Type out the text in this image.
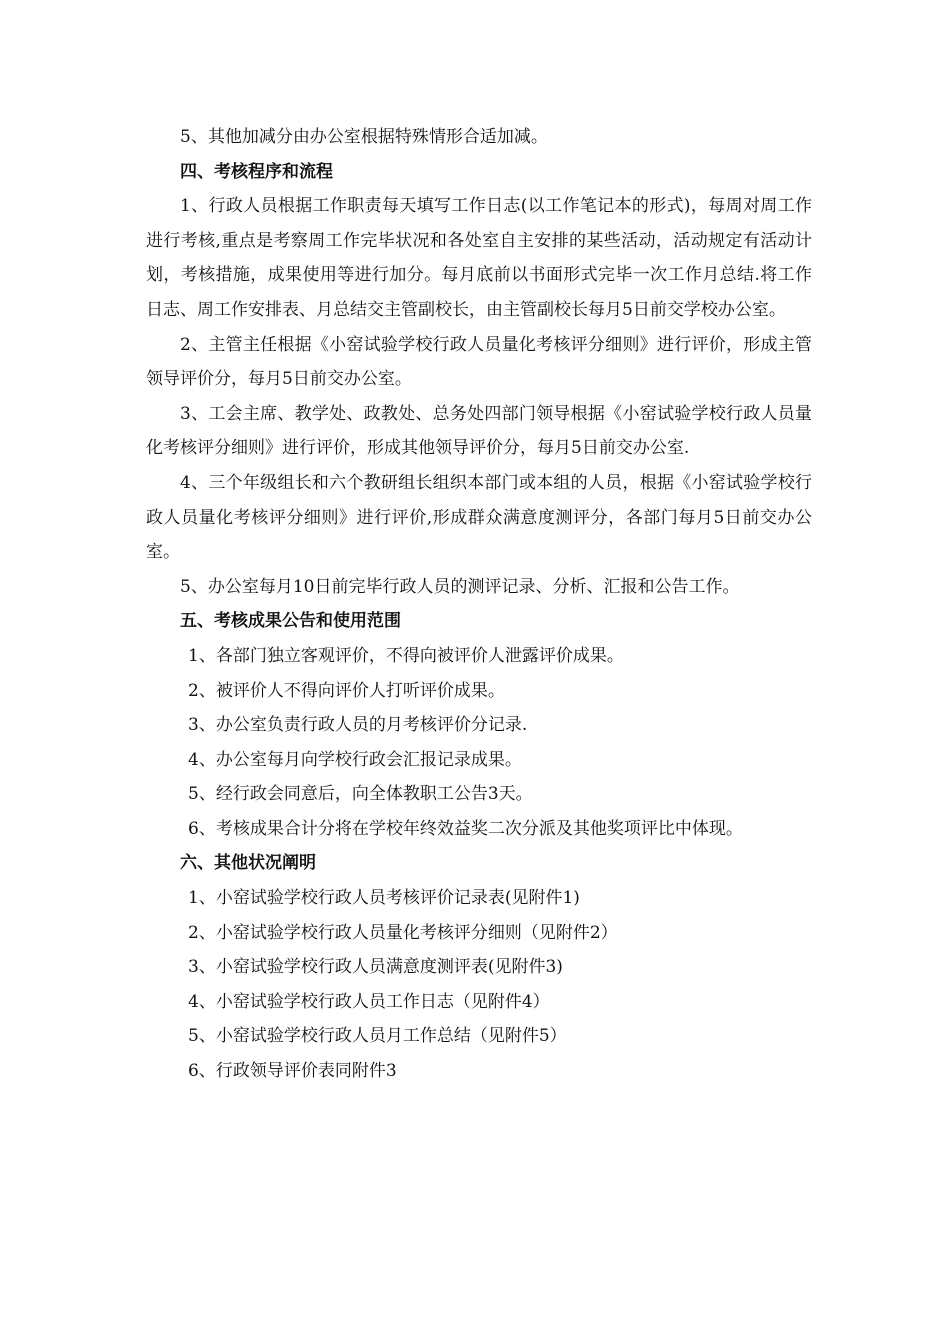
5、其他加减分由办公室根据特殊情形合适加减。

四、考核程序和流程

1、行政人员根据工作职责每天填写工作日志(以工作笔记本的形式)，每周对周工作进行考核,重点是考察周工作完毕状况和各处室自主安排的某些活动，活动规定有活动计划，考核措施，成果使用等进行加分。每月底前以书面形式完毕一次工作月总结.将工作日志、周工作安排表、月总结交主管副校长，由主管副校长每月5日前交学校办公室。

2、主管主任根据《小窑试验学校行政人员量化考核评分细则》进行评价，形成主管领导评价分，每月5日前交办公室。

3、工会主席、教学处、政教处、总务处四部门领导根据《小窑试验学校行政人员量化考核评分细则》进行评价，形成其他领导评价分，每月5日前交办公室.

4、三个年级组长和六个教研组长组织本部门或本组的人员，根据《小窑试验学校行政人员量化考核评分细则》进行评价,形成群众满意度测评分，各部门每月5日前交办公室。

5、办公室每月10日前完毕行政人员的测评记录、分析、汇报和公告工作。

五、考核成果公告和使用范围

1、各部门独立客观评价，不得向被评价人泄露评价成果。

2、被评价人不得向评价人打听评价成果。

3、办公室负责行政人员的月考核评价分记录.

4、办公室每月向学校行政会汇报记录成果。

5、经行政会同意后，向全体教职工公告3天。

6、考核成果合计分将在学校年终效益奖二次分派及其他奖项评比中体现。

六、其他状况阐明

1、小窑试验学校行政人员考核评价记录表(见附件1)

2、小窑试验学校行政人员量化考核评分细则（见附件2）

3、小窑试验学校行政人员满意度测评表(见附件3)

4、小窑试验学校行政人员工作日志（见附件4）

5、小窑试验学校行政人员月工作总结（见附件5）

6、行政领导评价表同附件3
